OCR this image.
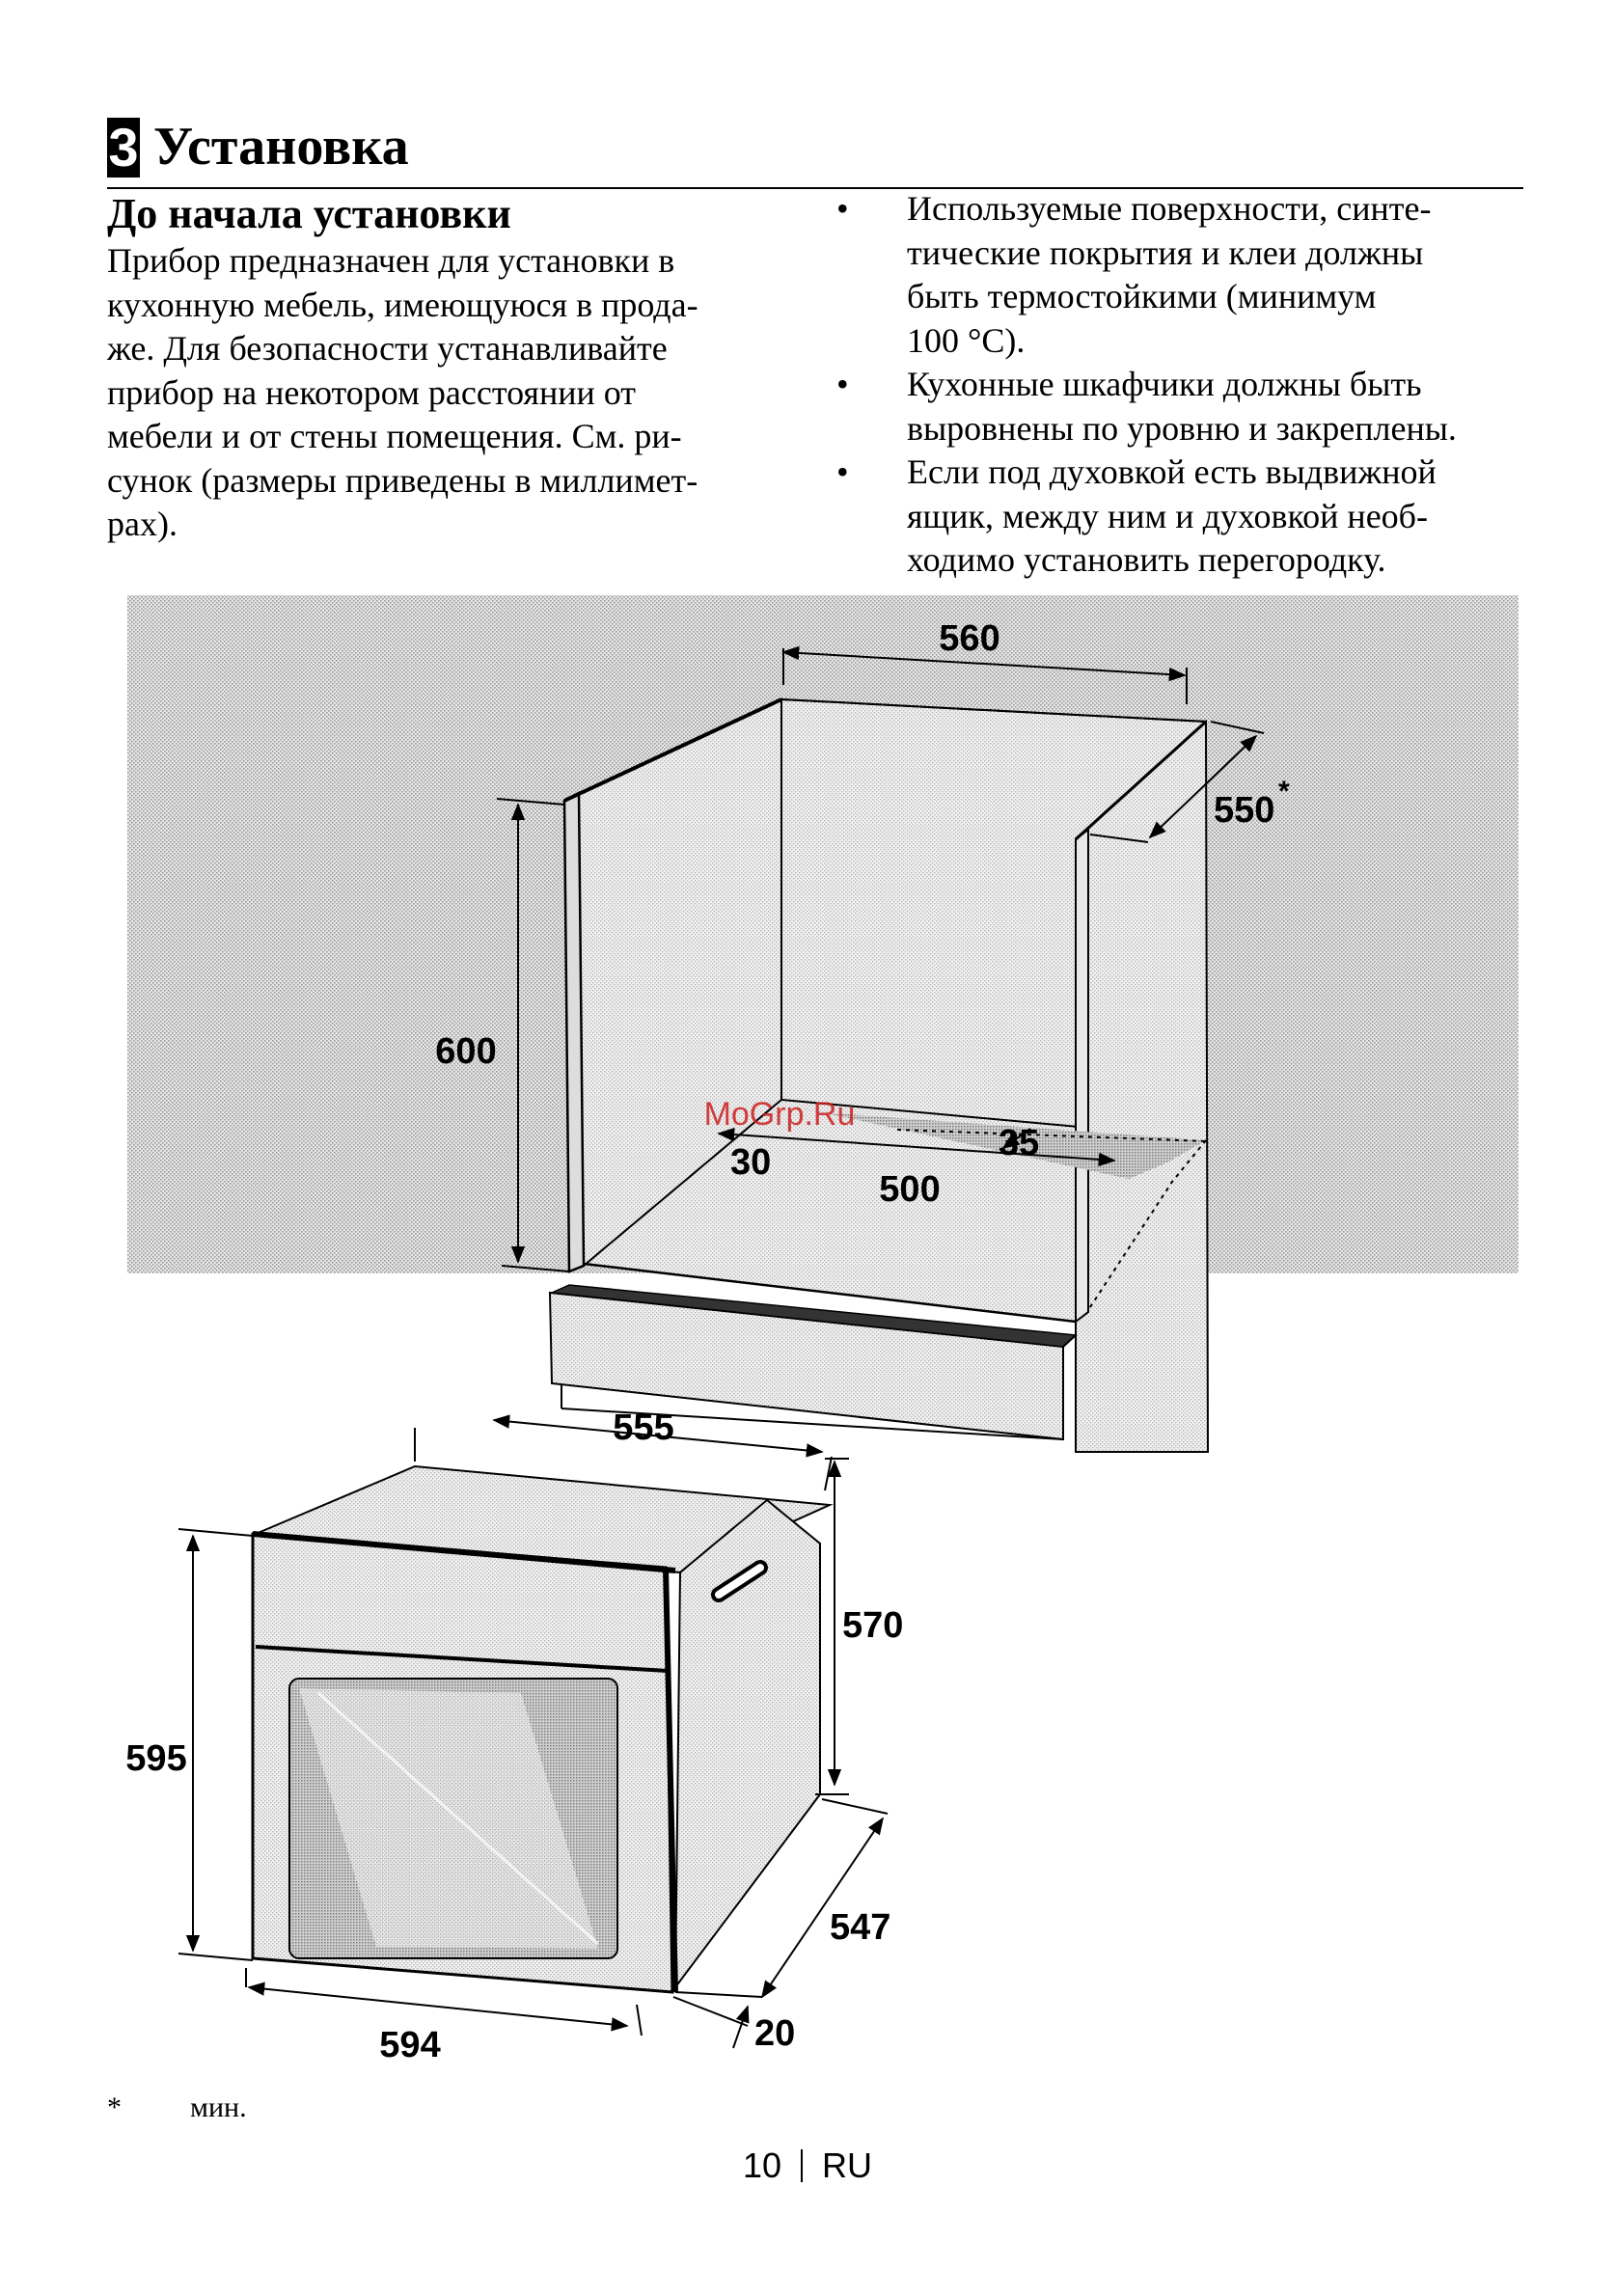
3 Установка
До начала установки
Прибор предназначен для установки в
кухонную мебель, имеющуюся в прода-
же. Для безопасности устанавливайте
прибор на некотором расстоянии от
мебели и от стены помещения. См. ри-
сунок (размеры приведены в миллимет-
рах).
• Используемые поверхности, синте-
тические покрытия и клеи должны
быть термостойкими (минимум
100 °C).
• Кухонные шкафчики должны быть
выровнены по уровню и закреплены.
• Если под духовкой есть выдвижной
ящик, между ним и духовкой необ-
ходимо установить перегородку.
560
550 *
600
30
500
35
MoGrp.Ru
555
570
595
547
594	20
* мин.
10 RU
